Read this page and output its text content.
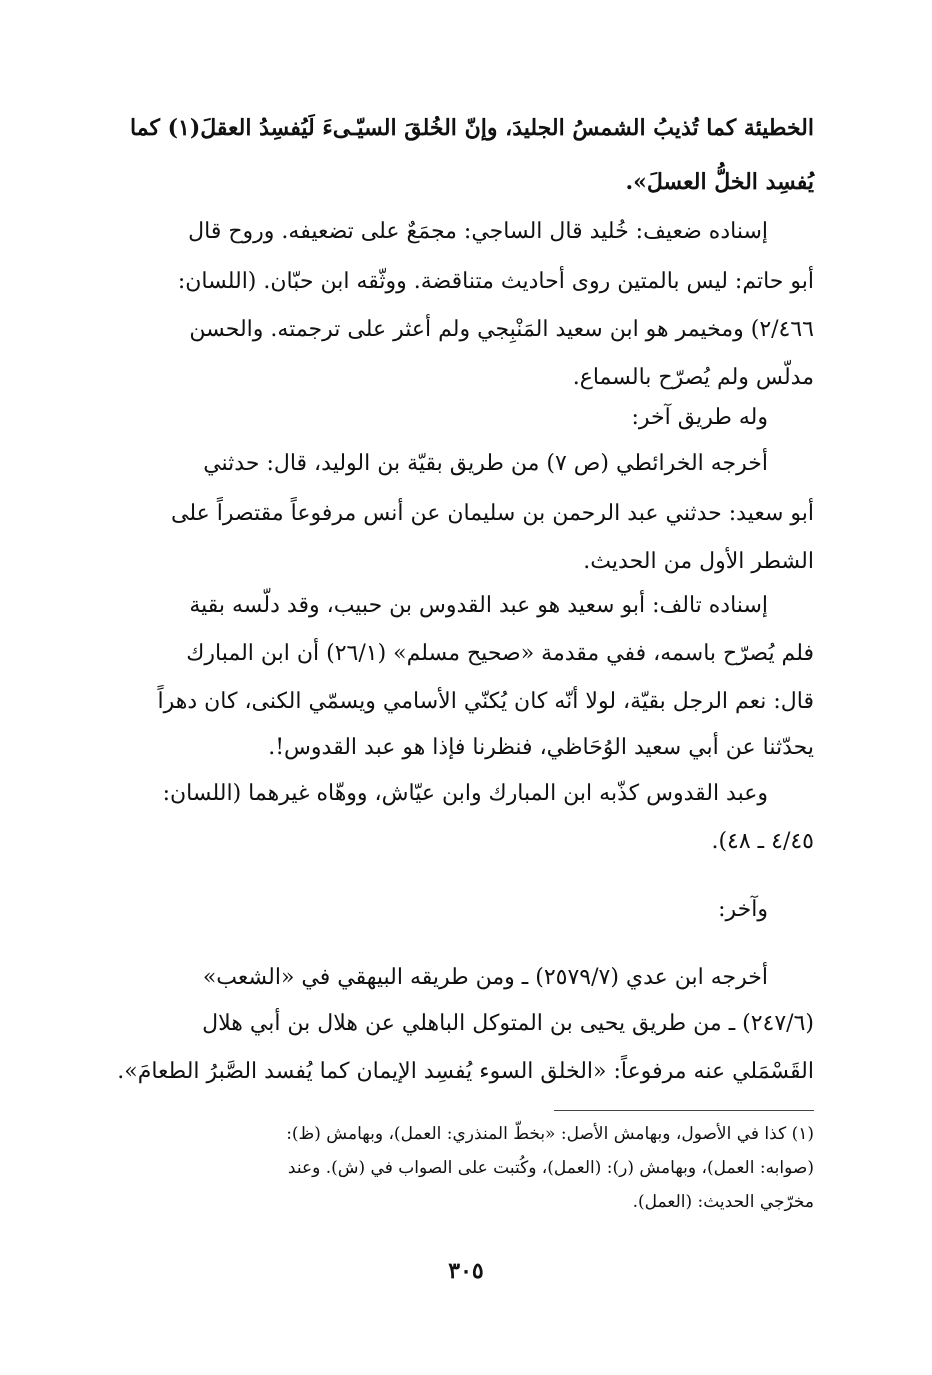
الخطيئة كما تُذيبُ الشمسُ الجليدَ، وإنّ الخُلقَ السيّـىءَ لَيُفسِدُ العقلَ(١) كما
يُفسِد الخلُّ العسلَ».
إسناده ضعيف: خُليد قال الساجي: مجمَعٌ على تضعيفه. وروح قال
أبو حاتم: ليس بالمتين روى أحاديث متناقضة. ووثّقه ابن حبّان. (اللسان:
٢/٤٦٦) ومخيمر هو ابن سعيد المَنْبِجي ولم أعثر على ترجمته. والحسن
مدلّس ولم يُصرّح بالسماع.
وله طريق آخر:
أخرجه الخرائطي (ص ٧) من طريق بقيّة بن الوليد، قال: حدثني
أبو سعيد: حدثني عبد الرحمن بن سليمان عن أنس مرفوعاً مقتصراً على
الشطر الأول من الحديث.
إسناده تالف: أبو سعيد هو عبد القدوس بن حبيب، وقد دلّسه بقية
فلم يُصرّح باسمه، ففي مقدمة «صحيح مسلم» (٢٦/١) أن ابن المبارك
قال: نعم الرجل بقيّة، لولا أنّه كان يُكنّي الأسامي ويسمّي الكنى، كان دهراً
يحدّثنا عن أبي سعيد الوُحَاظي، فنظرنا فإذا هو عبد القدوس!.
وعبد القدوس كذّبه ابن المبارك وابن عيّاش، ووهّاه غيرهما (اللسان:
٤/٤٥ ـ ٤٨).
وآخر:
أخرجه ابن عدي (٢٥٧٩/٧) ـ ومن طريقه البيهقي في «الشعب»
(٢٤٧/٦) ـ من طريق يحيى بن المتوكل الباهلي عن هلال بن أبي هلال
القَسْمَلي عنه مرفوعاً: «الخلق السوء يُفسِد الإيمان كما يُفسد الصَّبرُ الطعامَ».
(١) كذا في الأصول، وبهامش الأصل: «بخطّ المنذري: العمل)، وبهامش (ظ):
(صوابه: العمل)، وبهامش (ر): (العمل)، وكُتبت على الصواب في (ش). وعند
مخرّجي الحديث: (العمل).
٣٠٥
